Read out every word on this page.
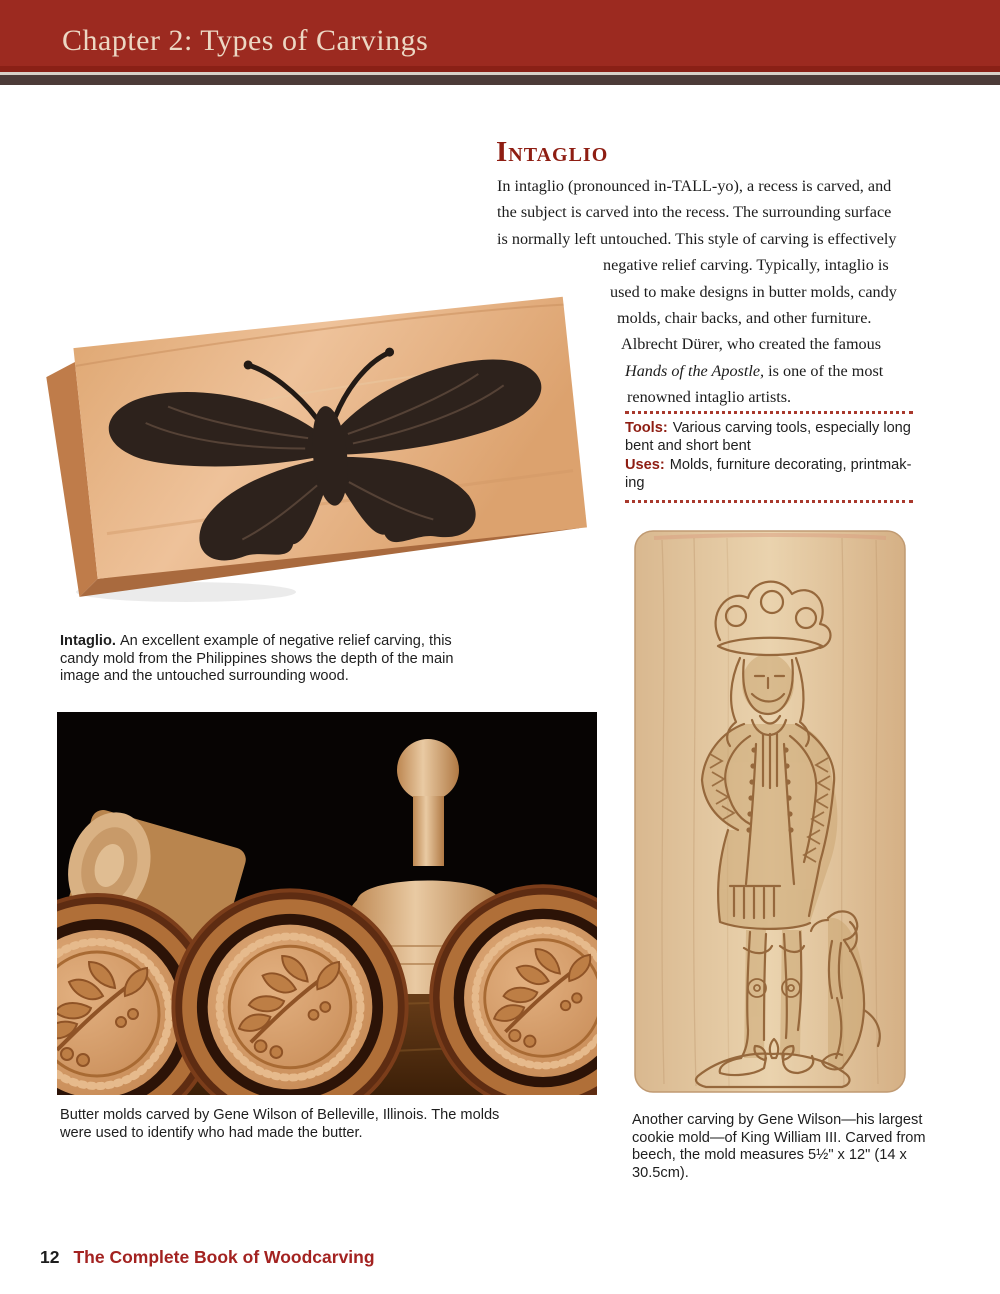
Chapter 2: Types of Carvings
Intaglio
In intaglio (pronounced in-TALL-yo), a recess is carved, and
the subject is carved into the recess. The surrounding surface
is normally left untouched. This style of carving is effectively
negative relief carving. Typically, intaglio is
used to make designs in butter molds, candy
molds, chair backs, and other furniture.
Albrecht Dürer, who created the famous
Hands of the Apostle, is one of the most
renowned intaglio artists.
Tools: Various carving tools, especially long
bent and short bent
Uses: Molds, furniture decorating, printmak-
ing

Intaglio. An excellent example of negative relief carving, this candy mold from the Philippines shows the depth of the main image and the untouched surrounding wood.

Butter molds carved by Gene Wilson of Belleville, Illinois. The molds were used to identify who had made the butter.

Another carving by Gene Wilson—his largest cookie mold—of King William III. Carved from beech, the mold measures 5½" x 12" (14 x 30.5cm).

12 The Complete Book of Woodcarving
